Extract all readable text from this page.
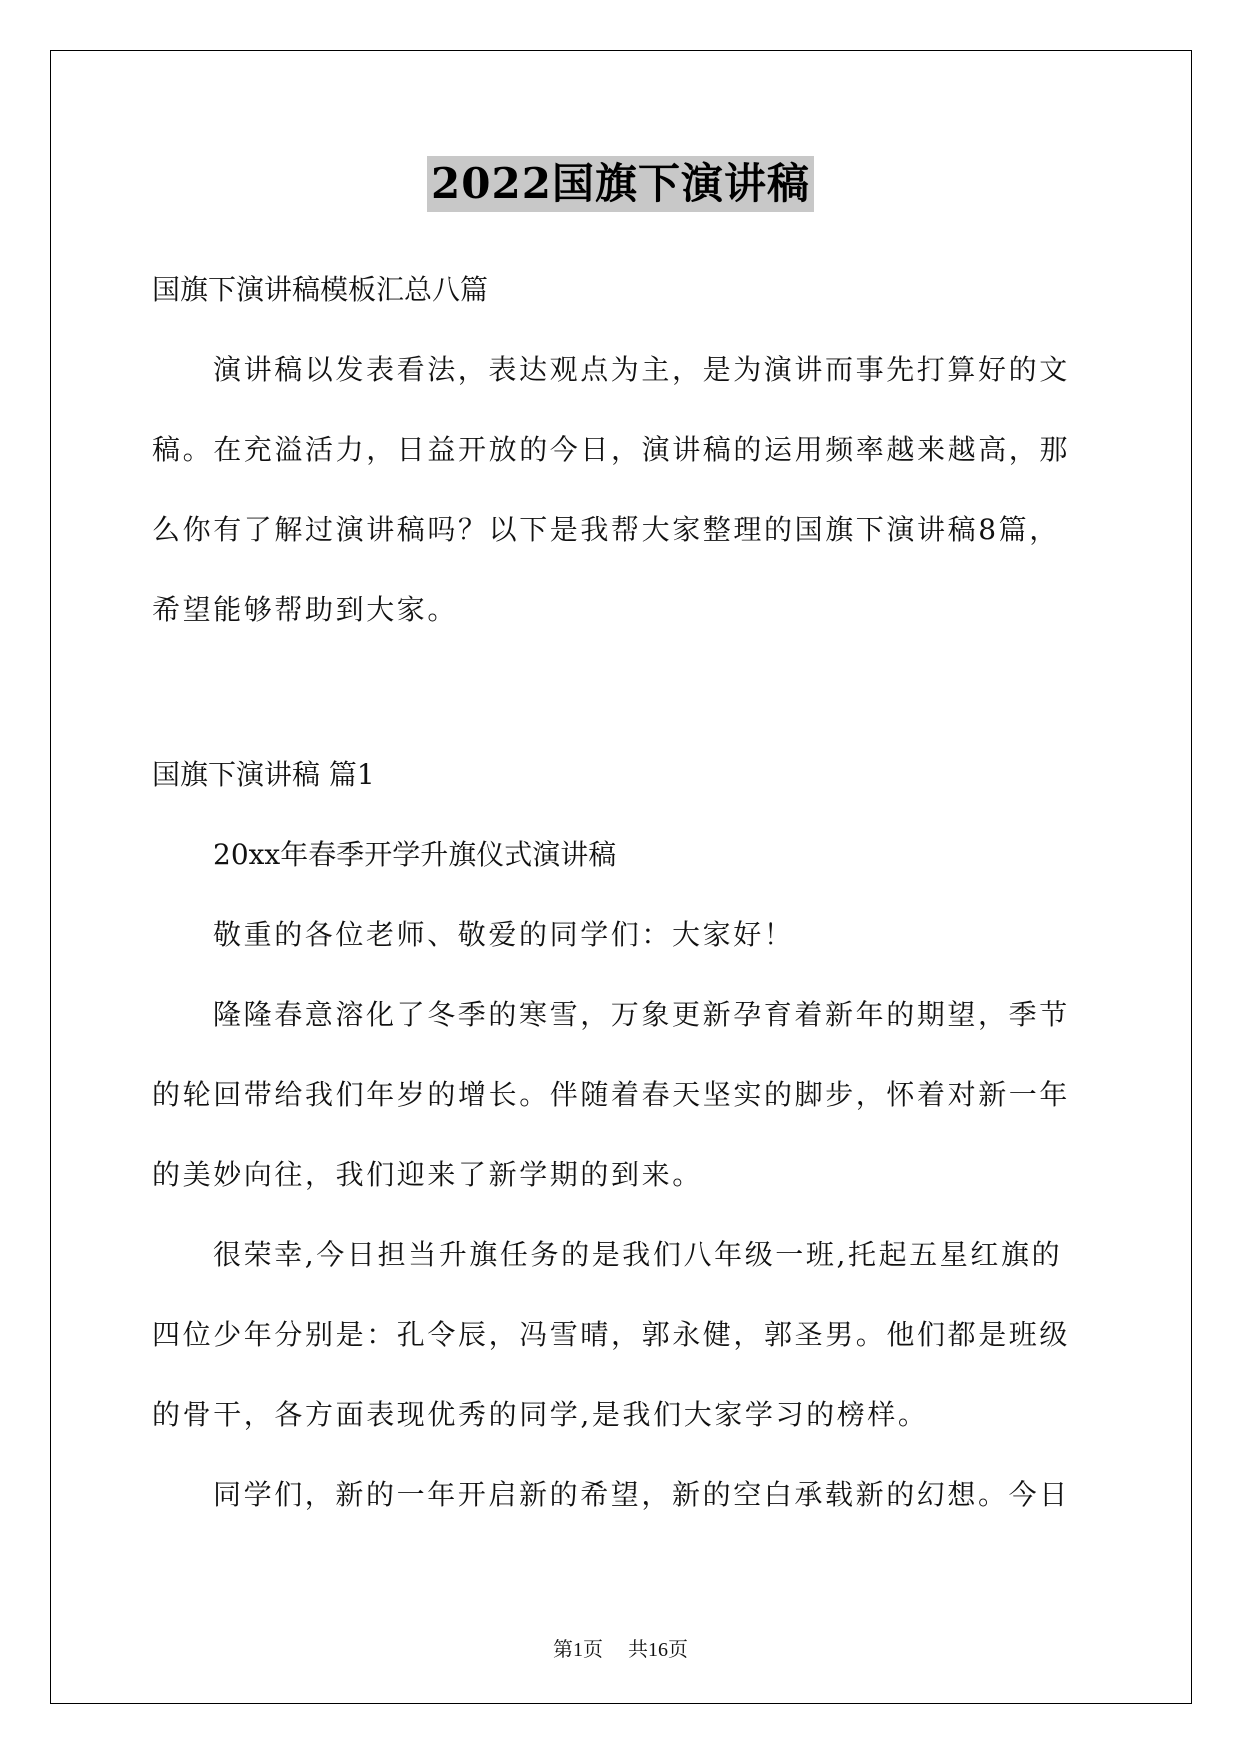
2022国旗下演讲稿
国旗下演讲稿模板汇总八篇
演讲稿以发表看法，表达观点为主，是为演讲而事先打算好的文
稿。在充溢活力，日益开放的今日，演讲稿的运用频率越来越高，那
么你有了解过演讲稿吗？以下是我帮大家整理的国旗下演讲稿8篇，
希望能够帮助到大家。
国旗下演讲稿 篇1
20xx年春季开学升旗仪式演讲稿
敬重的各位老师、敬爱的同学们：大家好！
隆隆春意溶化了冬季的寒雪，万象更新孕育着新年的期望，季节
的轮回带给我们年岁的增长。伴随着春天坚实的脚步，怀着对新一年
的美妙向往，我们迎来了新学期的到来。
很荣幸,今日担当升旗任务的是我们八年级一班,托起五星红旗的
四位少年分别是：孔令辰，冯雪晴，郭永健，郭圣男。他们都是班级
的骨干，各方面表现优秀的同学,是我们大家学习的榜样。
同学们，新的一年开启新的希望，新的空白承载新的幻想。今日
第1页 共16页
